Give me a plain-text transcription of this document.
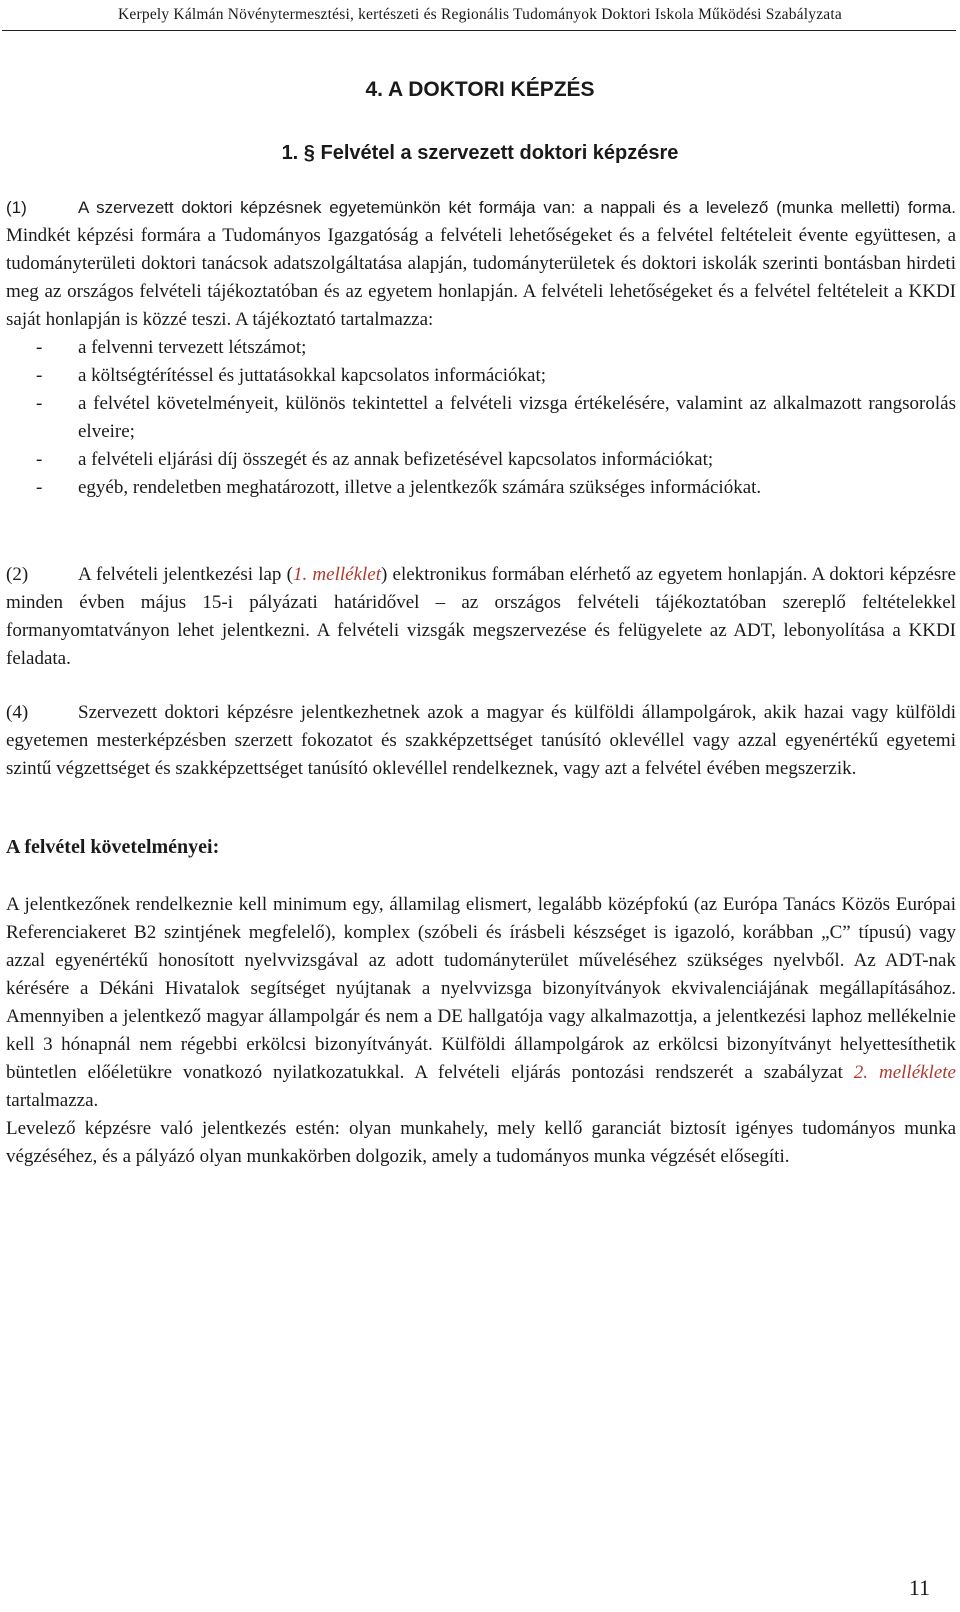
Kerpely Kálmán Növénytermesztési, kertészeti és Regionális Tudományok Doktori Iskola Működési Szabályzata
4. A DOKTORI KÉPZÉS
1. § Felvétel a szervezett doktori képzésre

(1)	A szervezett doktori képzésnek egyetemünkön két formája van: a nappali és a levelező (munka melletti) forma. Mindkét képzési formára a Tudományos Igazgatóság a felvételi lehetőségeket és a felvétel feltételeit évente együttesen, a tudományterületi doktori tanácsok adatszolgáltatása alapján, tudományterületek és doktori iskolák szerinti bontásban hirdeti meg az országos felvételi tájékoztatóban és az egyetem honlapján. A felvételi lehetőségeket és a felvétel feltételeit a KKDI saját honlapján is közzé teszi. A tájékoztató tartalmazza:

- a felvenni tervezett létszámot;
- a költségtérítéssel és juttatásokkal kapcsolatos információkat;
- a felvétel követelményeit, különös tekintettel a felvételi vizsga értékelésére, valamint az alkalmazott rangsorolás elveire;
- a felvételi eljárási díj összegét és az annak befizetésével kapcsolatos információkat;
- egyéb, rendeletben meghatározott, illetve a jelentkezők számára szükséges információkat.

(2)	A felvételi jelentkezési lap (1. melléklet) elektronikus formában elérhető az egyetem honlapján. A doktori képzésre minden évben május 15-i pályázati határidővel – az országos felvételi tájékoztatóban szereplő feltételekkel formanyomtatványon lehet jelentkezni. A felvételi vizsgák megszervezése és felügyelete az ADT, lebonyolítása a KKDI feladata.

(4)	Szervezett doktori képzésre jelentkezhetnek azok a magyar és külföldi állampolgárok, akik hazai vagy külföldi egyetemen mesterképzésben szerzett fokozatot és szakképzettséget tanúsító oklevéllel vagy azzal egyenértékű egyetemi szintű végzettséget és szakképzettséget tanúsító oklevéllel rendelkeznek, vagy azt a felvétel évében megszerzik.

A felvétel követelményei:

A jelentkezőnek rendelkeznie kell minimum egy, államilag elismert, legalább középfokú (az Európa Tanács Közös Európai Referenciakeret B2 szintjének megfelelő), komplex (szóbeli és írásbeli készséget is igazoló, korábban „C” típusú) vagy azzal egyenértékű honosított nyelvvizsgával az adott tudományterület műveléséhez szükséges nyelvből. Az ADT-nak kérésére a Dékáni Hivatalok segítséget nyújtanak a nyelvvizsga bizonyítványok ekvivalenciájának megállapításához. Amennyiben a jelentkező magyar állampolgár és nem a DE hallgatója vagy alkalmazottja, a jelentkezési laphoz mellékelnie kell 3 hónapnál nem régebbi erkölcsi bizonyítványát. Külföldi állampolgárok az erkölcsi bizonyítványt helyettesíthetik büntetlen előéletükre vonatkozó nyilatkozatukkal. A felvételi eljárás pontozási rendszerét a szabályzat 2. melléklete tartalmazza.

Levelező képzésre való jelentkezés estén: olyan munkahely, mely kellő garanciát biztosít igényes tudományos munka végzéséhez, és a pályázó olyan munkakörben dolgozik, amely a tudományos munka végzését elősegíti.

11
